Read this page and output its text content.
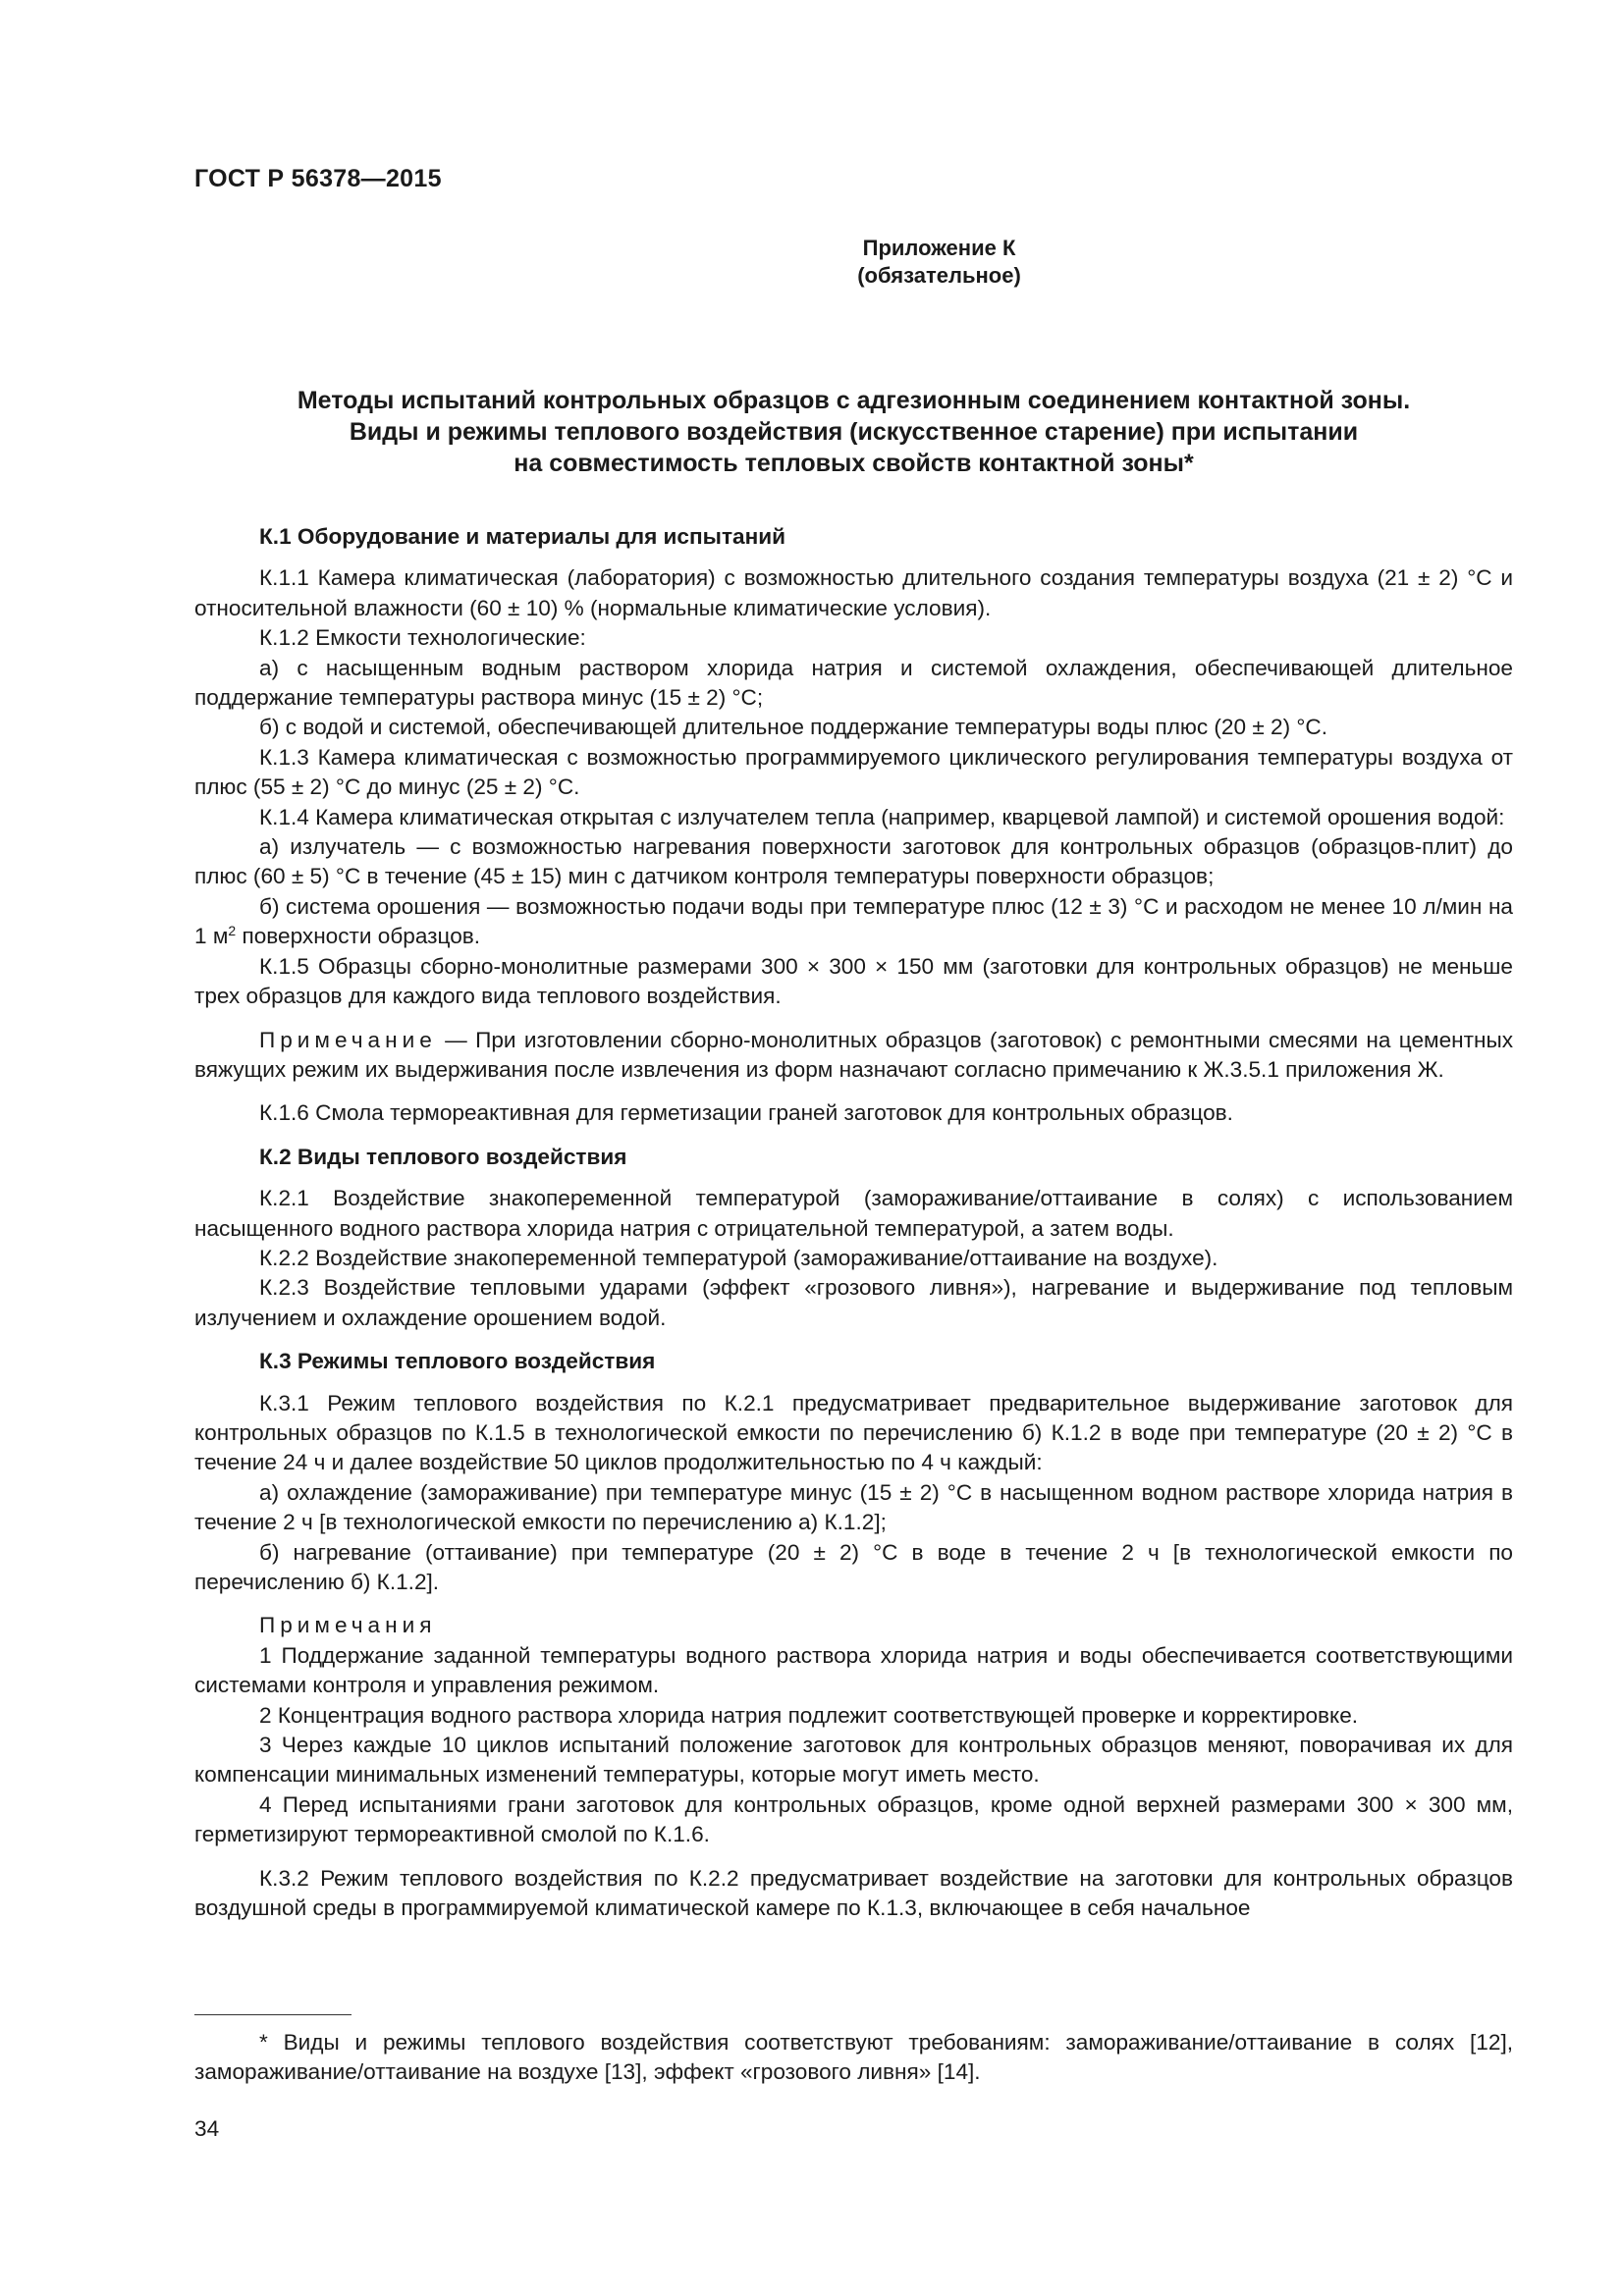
ГОСТ Р 56378—2015
Приложение К
(обязательное)
Методы испытаний контрольных образцов с адгезионным соединением контактной зоны.
Виды и режимы теплового воздействия (искусственное старение) при испытании
на совместимость тепловых свойств контактной зоны*

К.1 Оборудование и материалы для испытаний

К.1.1 Камера климатическая (лаборатория) с возможностью длительного создания температуры воздуха (21 ± 2) °С и относительной влажности (60 ± 10) % (нормальные климатические условия).

К.1.2 Емкости технологические:

а) с насыщенным водным раствором хлорида натрия и системой охлаждения, обеспечивающей длительное поддержание температуры раствора минус (15 ± 2) °С;

б) с водой и системой, обеспечивающей длительное поддержание температуры воды плюс (20 ± 2) °С.

К.1.3 Камера климатическая с возможностью программируемого циклического регулирования температуры воздуха от плюс (55 ± 2) °С до минус (25 ± 2) °С.

К.1.4 Камера климатическая открытая с излучателем тепла (например, кварцевой лампой) и системой орошения водой:

а) излучатель — с возможностью нагревания поверхности заготовок для контрольных образцов (образцов-плит) до плюс (60 ± 5) °С в течение (45 ± 15) мин с датчиком контроля температуры поверхности образцов;

б) система орошения — возможностью подачи воды при температуре плюс (12 ± 3) °С и расходом не менее 10 л/мин на 1 $м^2$ поверхности образцов.

К.1.5 Образцы сборно-монолитные размерами 300 × 300 × 150 мм (заготовки для контрольных образцов) не меньше трех образцов для каждого вида теплового воздействия.

Примечание — При изготовлении сборно-монолитных образцов (заготовок) с ремонтными смесями на цементных вяжущих режим их выдерживания после извлечения из форм назначают согласно примечанию к Ж.3.5.1 приложения Ж.

К.1.6 Смола термореактивная для герметизации граней заготовок для контрольных образцов.

К.2 Виды теплового воздействия

К.2.1 Воздействие знакопеременной температурой (замораживание/оттаивание в солях) с использованием насыщенного водного раствора хлорида натрия с отрицательной температурой, а затем воды.

К.2.2 Воздействие знакопеременной температурой (замораживание/оттаивание на воздухе).

К.2.3 Воздействие тепловыми ударами (эффект «грозового ливня»), нагревание и выдерживание под тепловым излучением и охлаждение орошением водой.

К.3 Режимы теплового воздействия

К.3.1 Режим теплового воздействия по К.2.1 предусматривает предварительное выдерживание заготовок для контрольных образцов по К.1.5 в технологической емкости по перечислению б) К.1.2 в воде при температуре (20 ± 2) °С в течение 24 ч и далее воздействие 50 циклов продолжительностью по 4 ч каждый:

а) охлаждение (замораживание) при температуре минус (15 ± 2) °С в насыщенном водном растворе хлорида натрия в течение 2 ч [в технологической емкости по перечислению а) К.1.2];

б) нагревание (оттаивание) при температуре (20 ± 2) °С в воде в течение 2 ч [в технологической емкости по перечислению б) К.1.2].

Примечания

1 Поддержание заданной температуры водного раствора хлорида натрия и воды обеспечивается соответствующими системами контроля и управления режимом.

2 Концентрация водного раствора хлорида натрия подлежит соответствующей проверке и корректировке.

3 Через каждые 10 циклов испытаний положение заготовок для контрольных образцов меняют, поворачивая их для компенсации минимальных изменений температуры, которые могут иметь место.

4 Перед испытаниями грани заготовок для контрольных образцов, кроме одной верхней размерами 300 × 300 мм, герметизируют термореактивной смолой по К.1.6.

К.3.2 Режим теплового воздействия по К.2.2 предусматривает воздействие на заготовки для контрольных образцов воздушной среды в программируемой климатической камере по К.1.3, включающее в себя начальное

* Виды и режимы теплового воздействия соответствуют требованиям: замораживание/оттаивание в солях [12], замораживание/оттаивание на воздухе [13], эффект «грозового ливня» [14].

34
